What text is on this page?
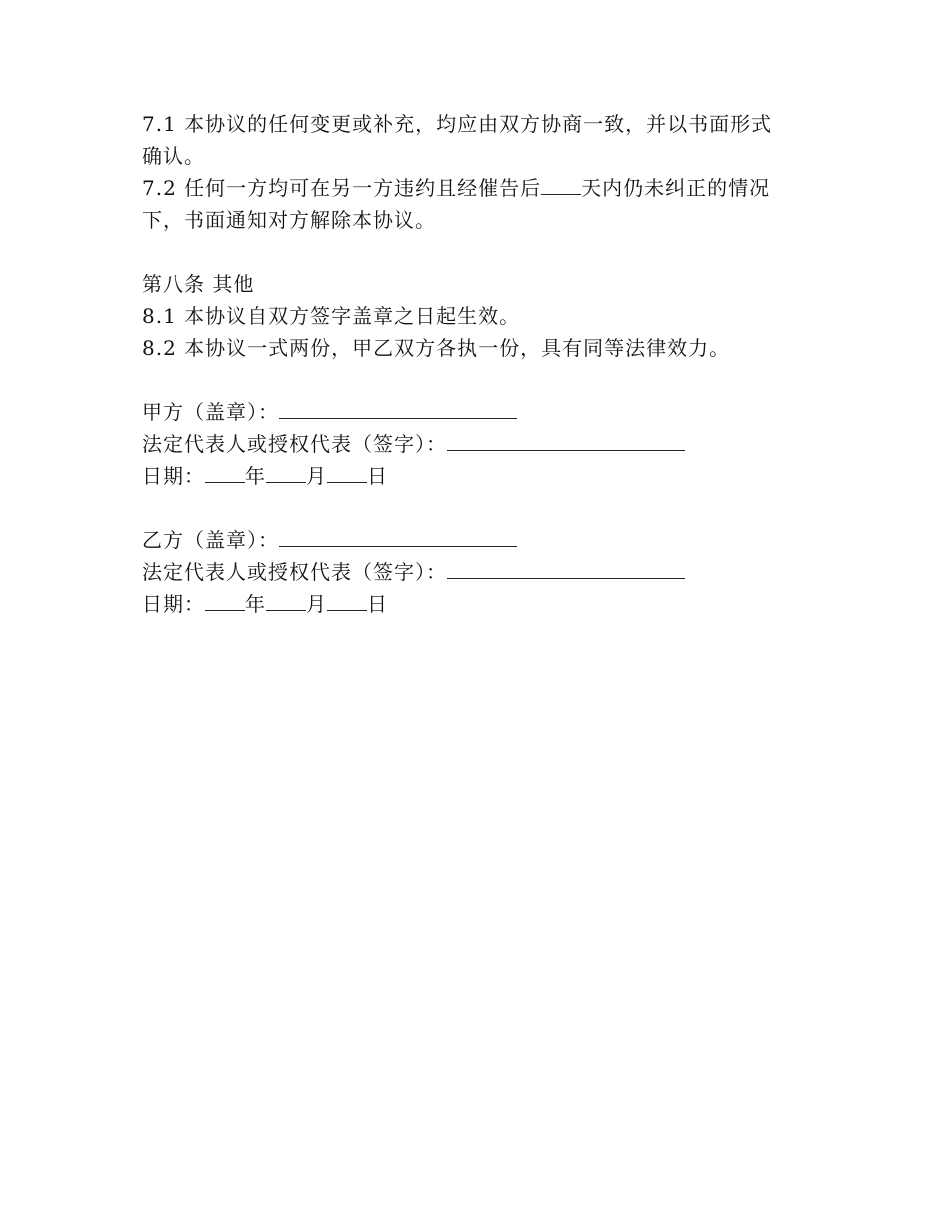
7.1 本协议的任何变更或补充，均应由双方协商一致，并以书面形式
确认。
7.2 任何一方均可在另一方违约且经催告后 天内仍未纠正的情况
下，书面通知对方解除本协议。
第八条 其他
8.1 本协议自双方签字盖章之日起生效。
8.2 本协议一式两份，甲乙双方各执一份，具有同等法律效力。
甲方（盖章）：
法定代表人或授权代表（签字）：
日期： 年 月 日
乙方（盖章）：
法定代表人或授权代表（签字）：
日期： 年 月 日
